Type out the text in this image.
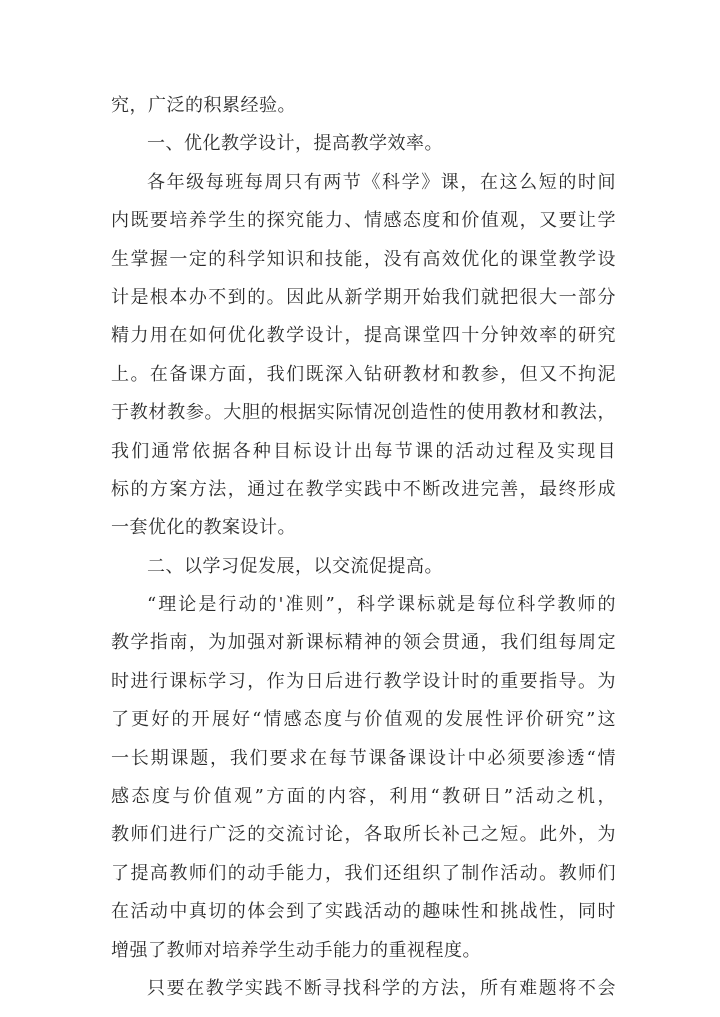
究，广泛的积累经验。
一、优化教学设计，提高教学效率。
各年级每班每周只有两节《科学》课，在这么短的时间
内既要培养学生的探究能力、情感态度和价值观，又要让学
生掌握一定的科学知识和技能，没有高效优化的课堂教学设
计是根本办不到的。因此从新学期开始我们就把很大一部分
精力用在如何优化教学设计，提高课堂四十分钟效率的研究
上。在备课方面，我们既深入钻研教材和教参，但又不拘泥
于教材教参。大胆的根据实际情况创造性的使用教材和教法，
我们通常依据各种目标设计出每节课的活动过程及实现目
标的方案方法，通过在教学实践中不断改进完善，最终形成
一套优化的教案设计。
二、以学习促发展，以交流促提高。
“理论是行动的'准则”，科学课标就是每位科学教师的
教学指南，为加强对新课标精神的领会贯通，我们组每周定
时进行课标学习，作为日后进行教学设计时的重要指导。为
了更好的开展好“情感态度与价值观的发展性评价研究”这
一长期课题，我们要求在每节课备课设计中必须要渗透“情
感态度与价值观”方面的内容，利用“教研日”活动之机，
教师们进行广泛的交流讨论，各取所长补己之短。此外，为
了提高教师们的动手能力，我们还组织了制作活动。教师们
在活动中真切的体会到了实践活动的趣味性和挑战性，同时
增强了教师对培养学生动手能力的重视程度。
只要在教学实践不断寻找科学的方法，所有难题将不会
